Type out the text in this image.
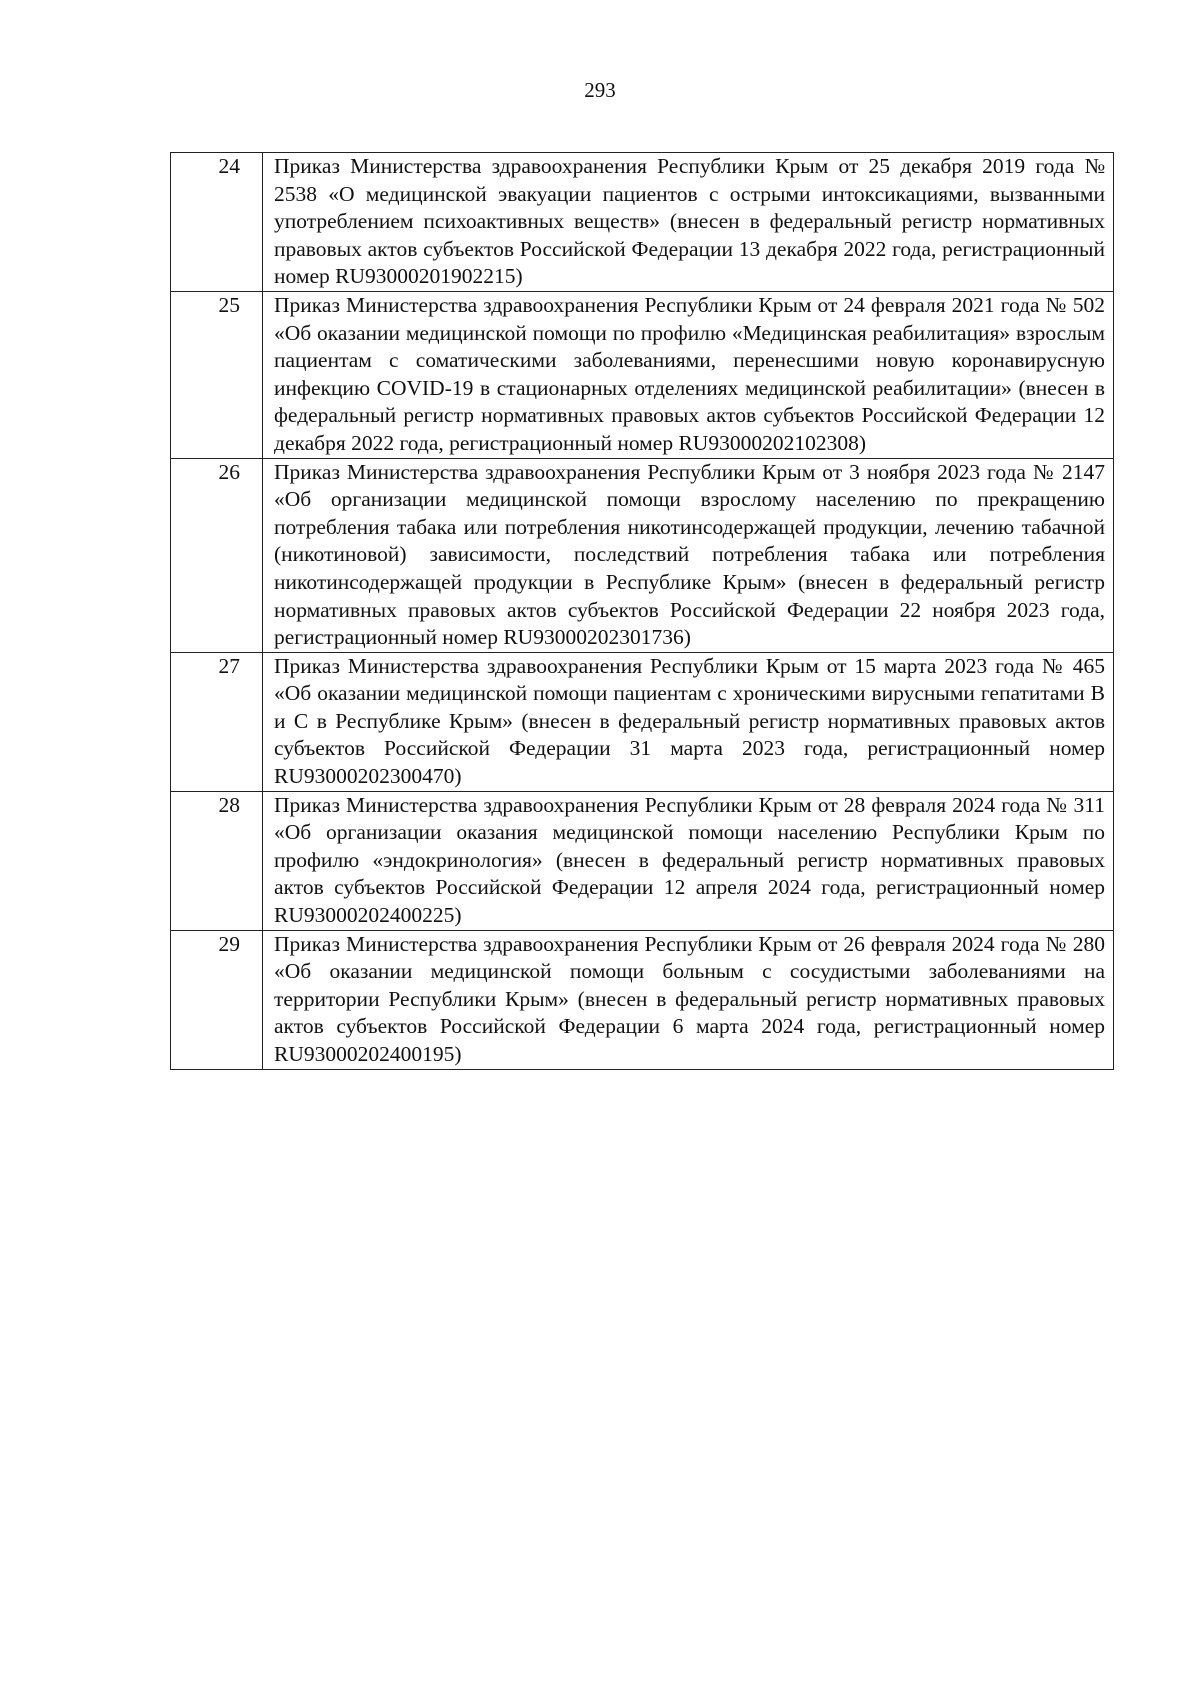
293
24	Приказ Министерства здравоохранения Республики Крым от 25 декабря 2019 года № 2538 «О медицинской эвакуации пациентов с острыми интоксикациями, вызванными употреблением психоактивных веществ» (внесен в федеральный регистр нормативных правовых актов субъектов Российской Федерации 13 декабря 2022 года, регистрационный номер RU93000201902215)

25	Приказ Министерства здравоохранения Республики Крым от 24 февраля 2021 года № 502 «Об оказании медицинской помощи по профилю «Медицинская реабилитация» взрослым пациентам с соматическими заболеваниями, перенесшими новую коронавирусную инфекцию COVID-19 в стационарных отделениях медицинской реабилитации» (внесен в федеральный регистр нормативных правовых актов субъектов Российской Федерации 12 декабря 2022 года, регистрационный номер RU93000202102308)

26	Приказ Министерства здравоохранения Республики Крым от 3 ноября 2023 года № 2147 «Об организации медицинской помощи взрослому населению по прекращению потребления табака или потребления никотинсодержащей продукции, лечению табачной (никотиновой) зависимости, последствий потребления табака или потребления никотинсодержащей продукции в Республике Крым» (внесен в федеральный регистр нормативных правовых актов субъектов Российской Федерации 22 ноября 2023 года, регистрационный номер RU93000202301736)

27	Приказ Министерства здравоохранения Республики Крым от 15 марта 2023 года № 465 «Об оказании медицинской помощи пациентам с хроническими вирусными гепатитами В и С в Республике Крым» (внесен в федеральный регистр нормативных правовых актов субъектов Российской Федерации 31 марта 2023 года, регистрационный номер RU93000202300470)

28	Приказ Министерства здравоохранения Республики Крым от 28 февраля 2024 года № 311 «Об организации оказания медицинской помощи населению Республики Крым по профилю «эндокринология» (внесен в федеральный регистр нормативных правовых актов субъектов Российской Федерации 12 апреля 2024 года, регистрационный номер RU93000202400225)

29	Приказ Министерства здравоохранения Республики Крым от 26 февраля 2024 года № 280 «Об оказании медицинской помощи больным с сосудистыми заболеваниями на территории Республики Крым» (внесен в федеральный регистр нормативных правовых актов субъектов Российской Федерации 6 марта 2024 года, регистрационный номер RU93000202400195)
